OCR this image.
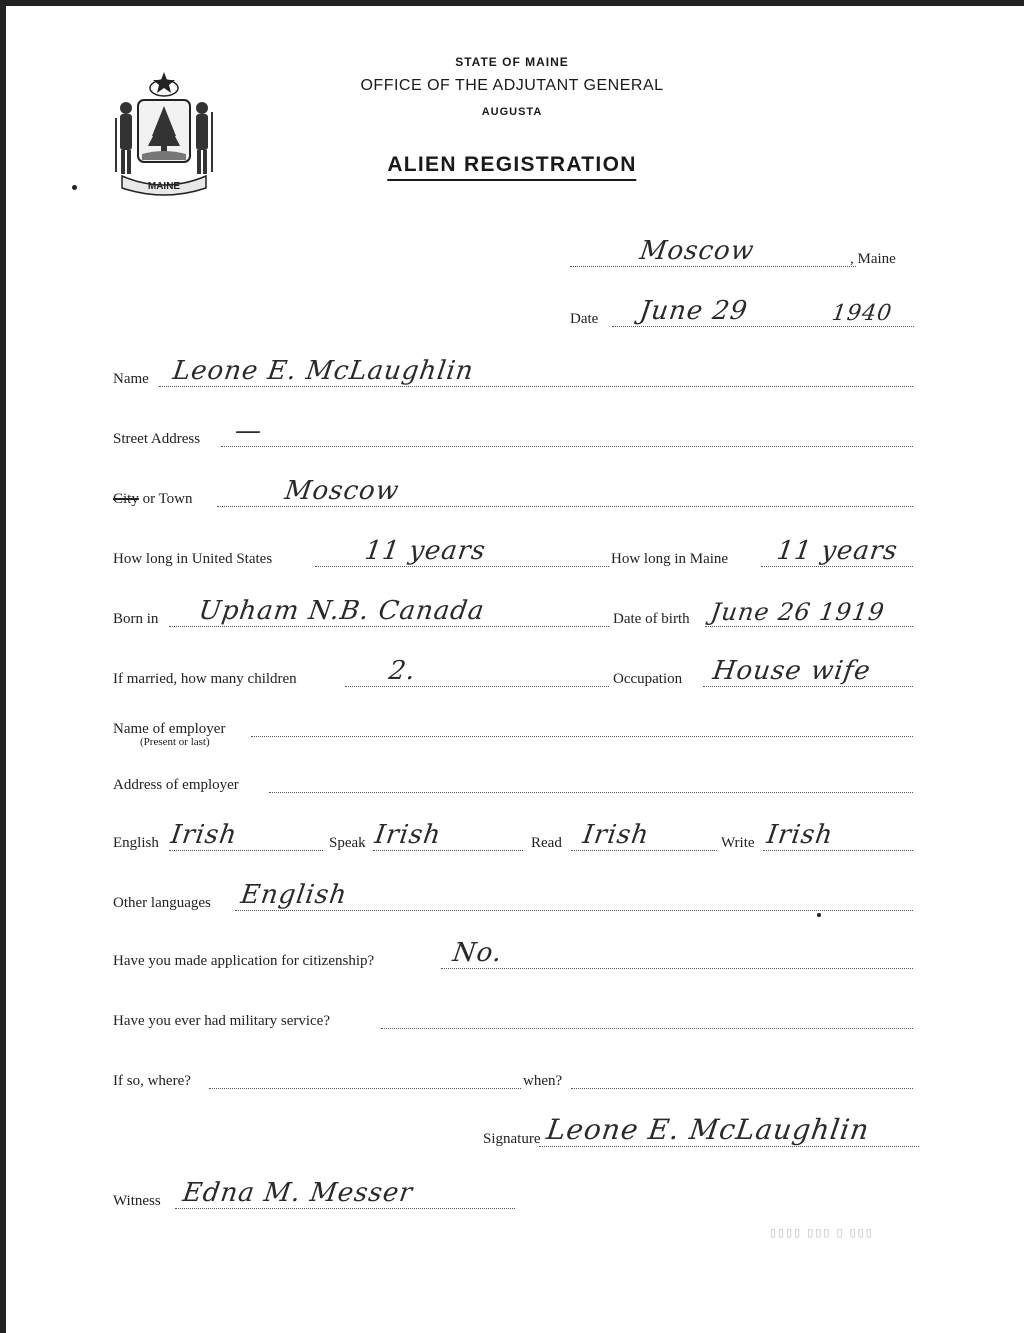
MAINE
STATE OF MAINE
OFFICE OF THE ADJUTANT GENERAL
AUGUSTA
ALIEN REGISTRATION
Moscow	, Maine
Date June 29	1940
Name Leone E. McLaughlin
Street Address —
City or Town	Moscow
How long in United States	11 years	How long in Maine 11 years
Born in Upham N.B. Canada	Date of birth June 26 1919
If married, how many children	2.	Occupation House wife
Name of employer
(Present or last)
Address of employer
English Irish	Speak Irish	Read Irish	Write Irish
Other languages English
Have you made application for citizenship?	No.
Have you ever had military service?
If so, where?	when?
Signature Leone E. McLaughlin
Witness Edna M. Messer
▯▯▯▯ ▯▯▯ ▯ ▯▯▯
